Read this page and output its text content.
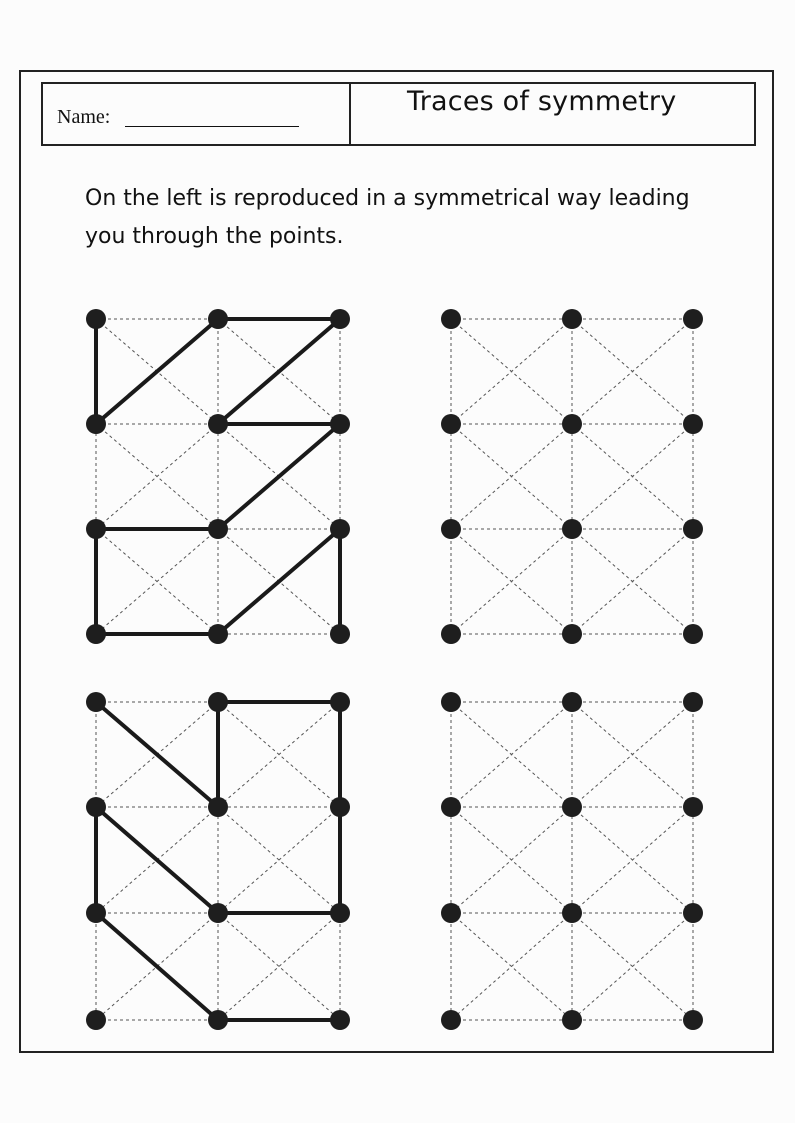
Name:	Traces of symmetry

On the left is reproduced in a symmetrical way leading you through the points.
